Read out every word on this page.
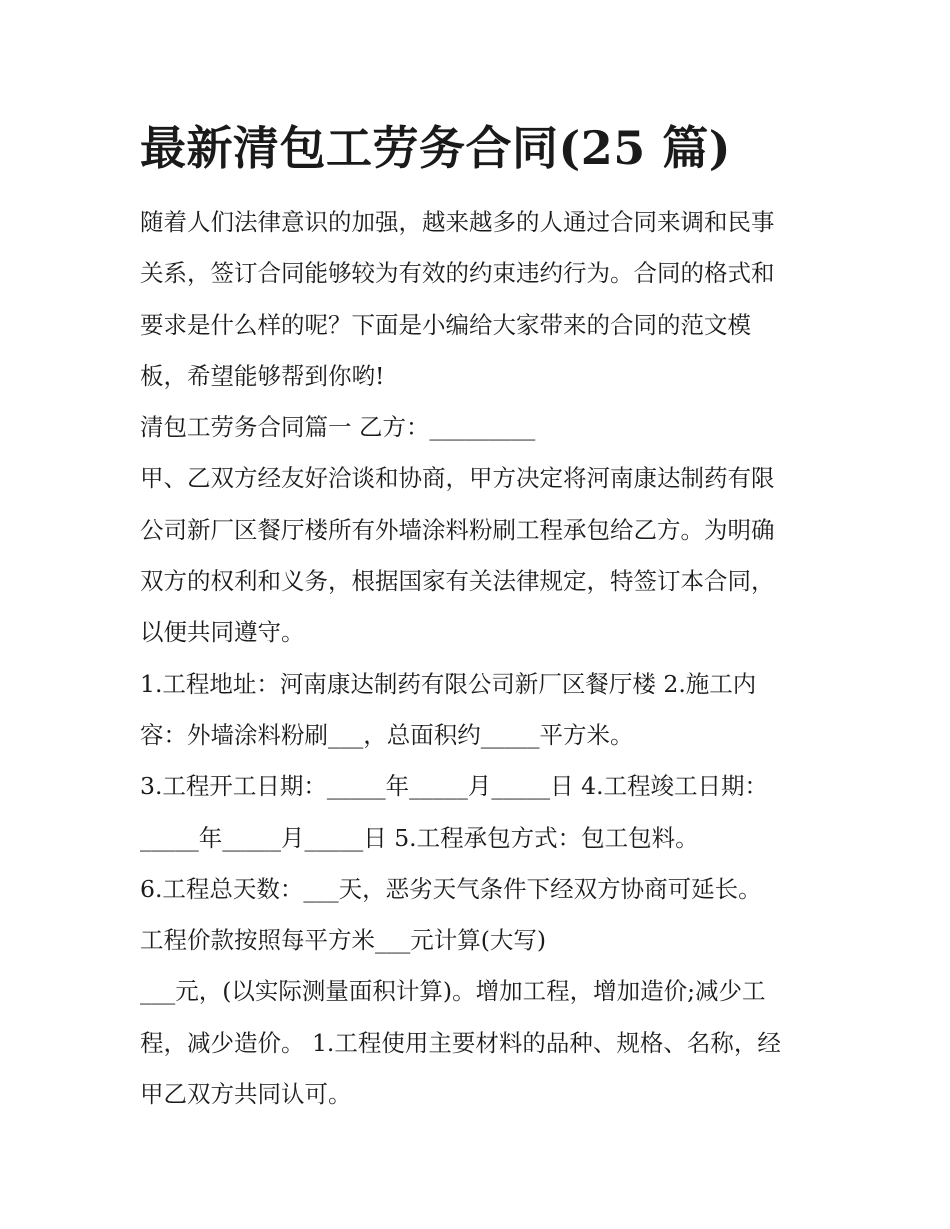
最新清包工劳务合同(25 篇)

随着人们法律意识的加强，越来越多的人通过合同来调和民事

关系，签订合同能够较为有效的约束违约行为。合同的格式和

要求是什么样的呢？下面是小编给大家带来的合同的范文模

板，希望能够帮到你哟!

清包工劳务合同篇一 乙方：_________

甲、乙双方经友好洽谈和协商，甲方决定将河南康达制药有限

公司新厂区餐厅楼所有外墙涂料粉刷工程承包给乙方。为明确

双方的权利和义务，根据国家有关法律规定，特签订本合同，

以便共同遵守。

1.工程地址：河南康达制药有限公司新厂区餐厅楼 2.施工内

容：外墙涂料粉刷___，总面积约_____平方米。

3.工程开工日期：_____年_____月_____日 4.工程竣工日期：

_____年_____月_____日 5.工程承包方式：包工包料。

6.工程总天数：___天，恶劣天气条件下经双方协商可延长。

工程价款按照每平方米___元计算(大写)

___元，(以实际测量面积计算)。增加工程，增加造价;减少工

程，减少造价。 1.工程使用主要材料的品种、规格、名称，经

甲乙双方共同认可。
